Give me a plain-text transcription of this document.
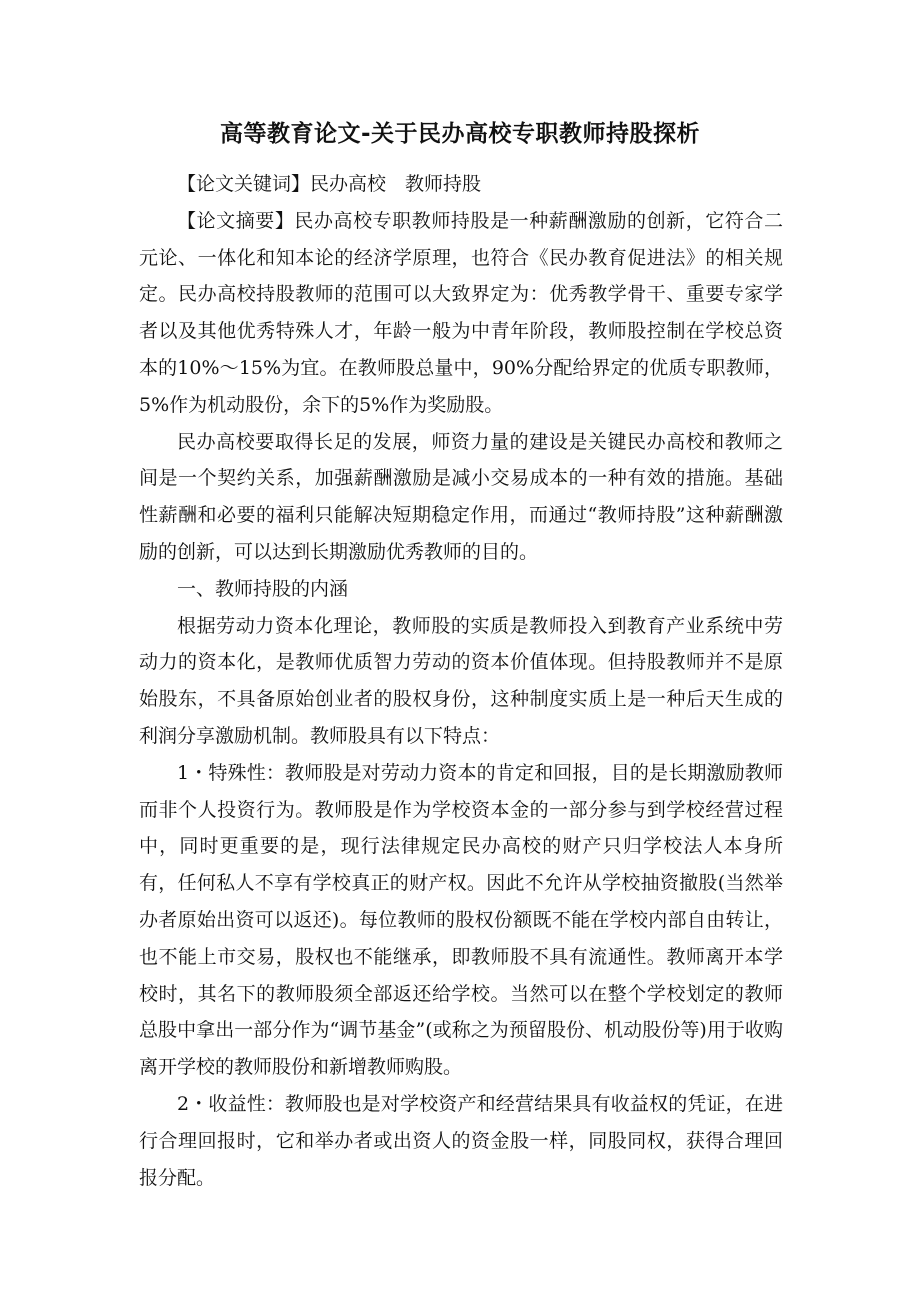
高等教育论文-关于民办高校专职教师持股探析

【论文关键词】民办高校　教师持股

【论文摘要】民办高校专职教师持股是一种薪酬激励的创新，它符合二元论、一体化和知本论的经济学原理，也符合《民办教育促进法》的相关规定。民办高校持股教师的范围可以大致界定为：优秀教学骨干、重要专家学者以及其他优秀特殊人才，年龄一般为中青年阶段，教师股控制在学校总资本的10%～15%为宜。在教师股总量中，90%分配给界定的优质专职教师，5%作为机动股份，余下的5%作为奖励股。

民办高校要取得长足的发展，师资力量的建设是关键民办高校和教师之间是一个契约关系，加强薪酬激励是减小交易成本的一种有效的措施。基础性薪酬和必要的福利只能解决短期稳定作用，而通过“教师持股”这种薪酬激励的创新，可以达到长期激励优秀教师的目的。

一、教师持股的内涵

根据劳动力资本化理论，教师股的实质是教师投入到教育产业系统中劳动力的资本化，是教师优质智力劳动的资本价值体现。但持股教师并不是原始股东，不具备原始创业者的股权身份，这种制度实质上是一种后天生成的利润分享激励机制。教师股具有以下特点：

1・特殊性：教师股是对劳动力资本的肯定和回报，目的是长期激励教师而非个人投资行为。教师股是作为学校资本金的一部分参与到学校经营过程中，同时更重要的是，现行法律规定民办高校的财产只归学校法人本身所有，任何私人不享有学校真正的财产权。因此不允许从学校抽资撤股(当然举办者原始出资可以返还)。每位教师的股权份额既不能在学校内部自由转让，也不能上市交易，股权也不能继承，即教师股不具有流通性。教师离开本学校时，其名下的教师股须全部返还给学校。当然可以在整个学校划定的教师总股中拿出一部分作为“调节基金”(或称之为预留股份、机动股份等)用于收购离开学校的教师股份和新增教师购股。

2・收益性：教师股也是对学校资产和经营结果具有收益权的凭证，在进行合理回报时，它和举办者或出资人的资金股一样，同股同权，获得合理回报分配。
